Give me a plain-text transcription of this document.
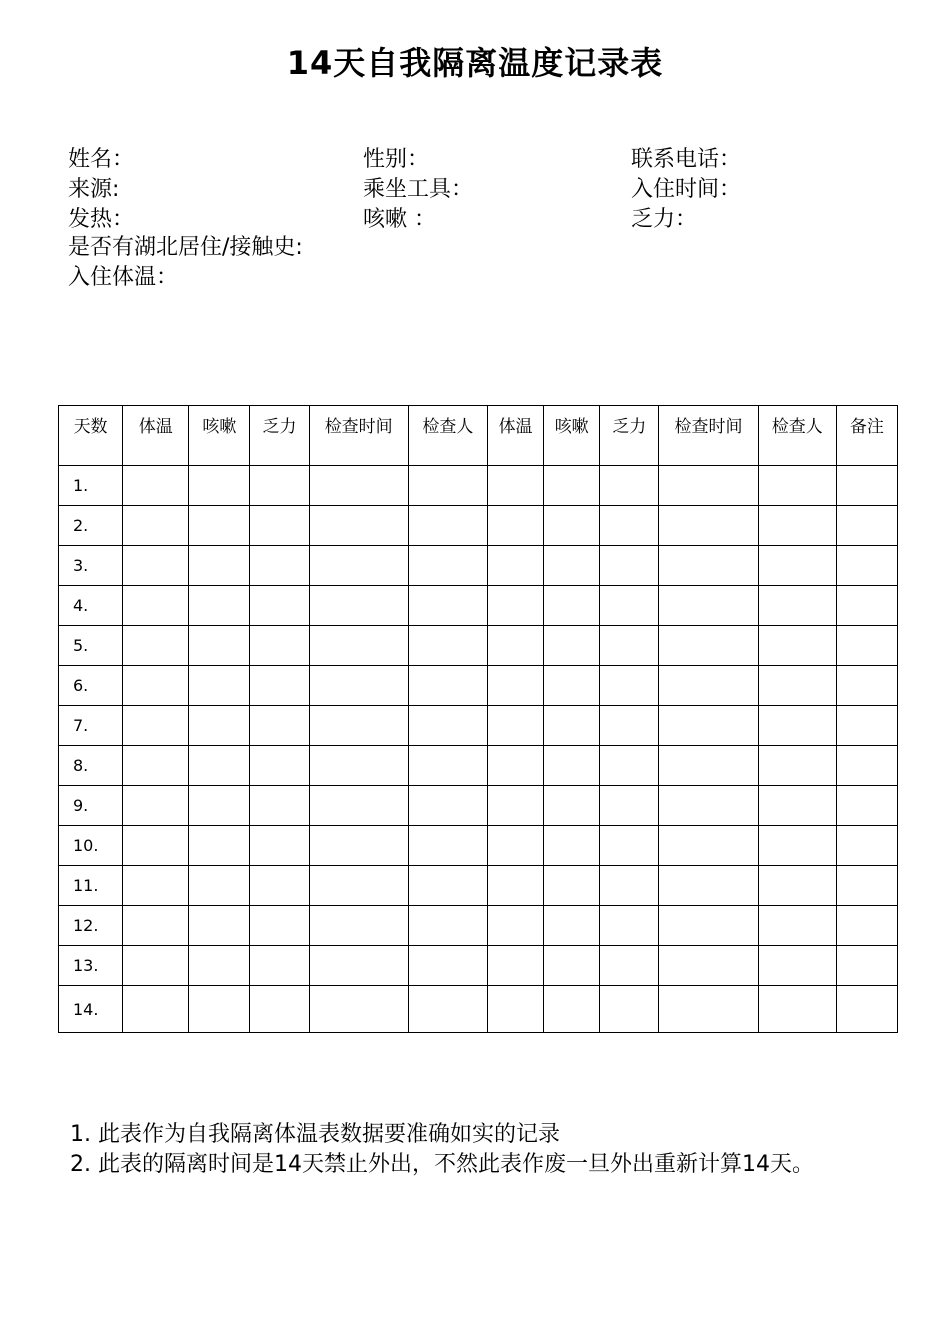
14天自我隔离温度记录表
姓名：	性别：	联系电话：
来源:	乘坐工具：	入住时间：
发热：	咳嗽 ：	乏力：
是否有湖北居住/接触史:
入住体温：
天数	体温	咳嗽	乏力	检查时间	检查人	体温	咳嗽	乏力	检查时间	检查人	备注
1.											
2.											
3.											
4.											
5.											
6.											
7.											
8.											
9.											
10.											
11.											
12.											
13.											
14.											
1. 此表作为自我隔离体温表数据要准确如实的记录
2. 此表的隔离时间是14天禁止外出，不然此表作废一旦外出重新计算14天。
